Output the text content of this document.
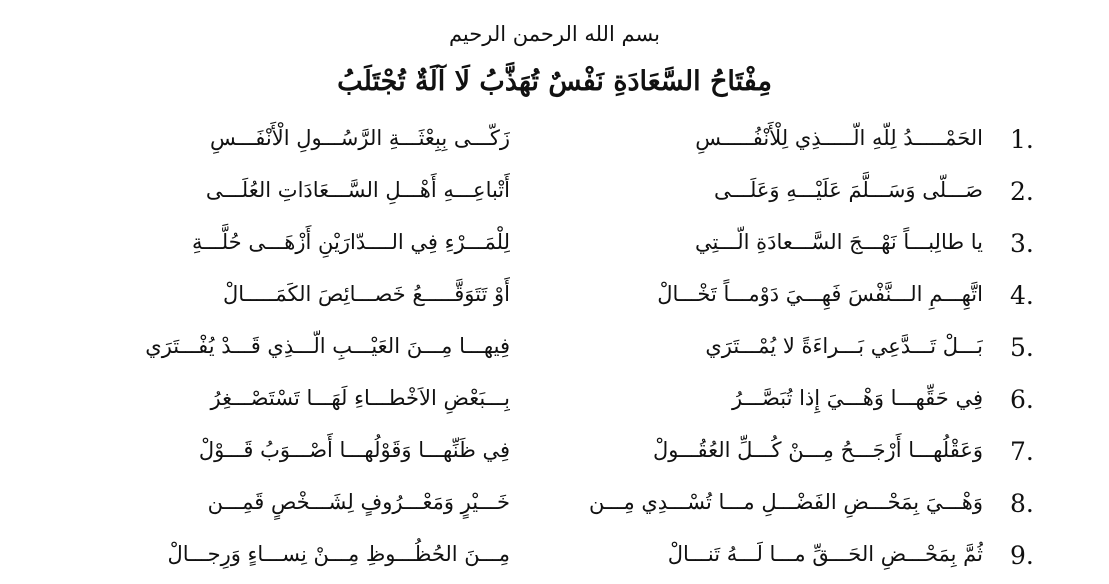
بسم الله الرحمن الرحيم
مِفْتَاحُ السَّعَادَةِ نَفْسٌ تُهَذَّبُ لَا آلَةٌ تُجْتَلَبُ
1.
الحَمْـــــدُ لِلّهِ الّـــــذِي لِلْأَنْفُـــــسِ
زَكّـــى بِبِعْثَـــةِ الرَّسُـــولِ الْأَنْفَـــسِ
2.
صَـــلّى وَسَـــلَّمَ عَلَيْـــهِ وَعَلَـــى
أَتْباعِـــهِ أَهْـــلِ السَّـــعَادَاتِ العُلَـــى
3.
يا طالِبـــاً نَهْـــجَ السَّـــعادَةِ الّـــتِي
لِلْمَـــرْءِ فِي الــــدّارَيْنِ أَزْهَـــى حُلَّـــةِ
4.
اتَّهِـــمِ الـــنَّفْسَ فَهِـــيَ دَوْمـــاً تَخْـــالْ
أَوْ تَتَوَقَّـــــعُ خَصـــائِصَ الكَمَـــــالْ
5.
بَـــلْ تَـــدَّعِي بَـــراءَةً لا يُمْـــتَرَي
فِيهـــا مِـــنَ العَيْـــبِ الّـــذِي قَـــدْ يُفْـــتَرَي
6.
فِي حَقِّهـــا وَهْـــيَ إِذا تُبَصَّـــرُ
بِـــبَعْضِ الاَخْطـــاءِ لَهَـــا تَسْتَصْـــغِرُ
7.
وَعَقْلُهـــا أَرْجَـــحُ مِـــنْ كُـــلِّ العُقُـــولْ
فِي ظَنِّهـــا وَقَوْلُهـــا أَصْـــوَبُ قَـــوْلْ
8.
وَهْـــيَ بِمَحْـــضِ الفَضْـــلِ مـــا تُسْـــدِي مِـــن
خَـــيْرٍ وَمَعْـــرُوفٍ لِشَـــخْصٍ قَمِـــن
9.
ثُمَّ بِمَحْـــضِ الحَـــقِّ مـــا لَـــهُ تَنـــالْ
مِـــنَ الحُظُـــوظِ مِـــنْ نِســـاءٍ وَرِجـــالْ
